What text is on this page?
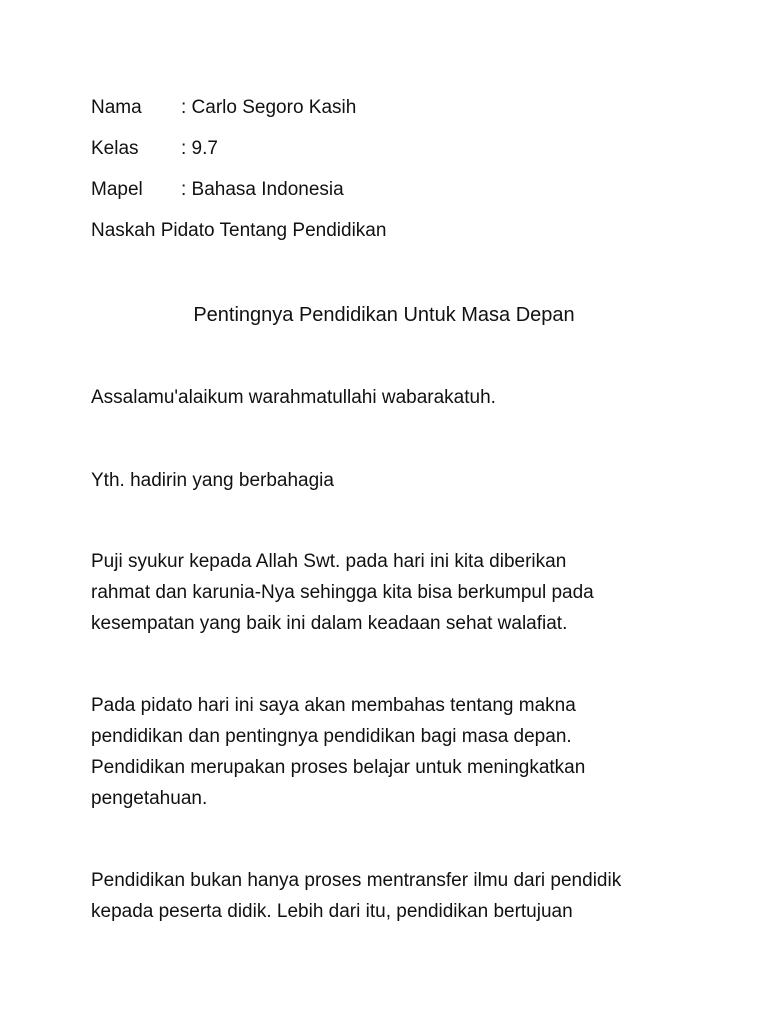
Nama : Carlo Segoro Kasih
Kelas : 9.7
Mapel : Bahasa Indonesia
Naskah Pidato Tentang Pendidikan
Pentingnya Pendidikan Untuk Masa Depan
Assalamu'alaikum warahmatullahi wabarakatuh.
Yth. hadirin yang berbahagia
Puji syukur kepada Allah Swt. pada hari ini kita diberikan
rahmat dan karunia-Nya sehingga kita bisa berkumpul pada
kesempatan yang baik ini dalam keadaan sehat walafiat.
Pada pidato hari ini saya akan membahas tentang makna
pendidikan dan pentingnya pendidikan bagi masa depan.
Pendidikan merupakan proses belajar untuk meningkatkan
pengetahuan.
Pendidikan bukan hanya proses mentransfer ilmu dari pendidik
kepada peserta didik. Lebih dari itu, pendidikan bertujuan
